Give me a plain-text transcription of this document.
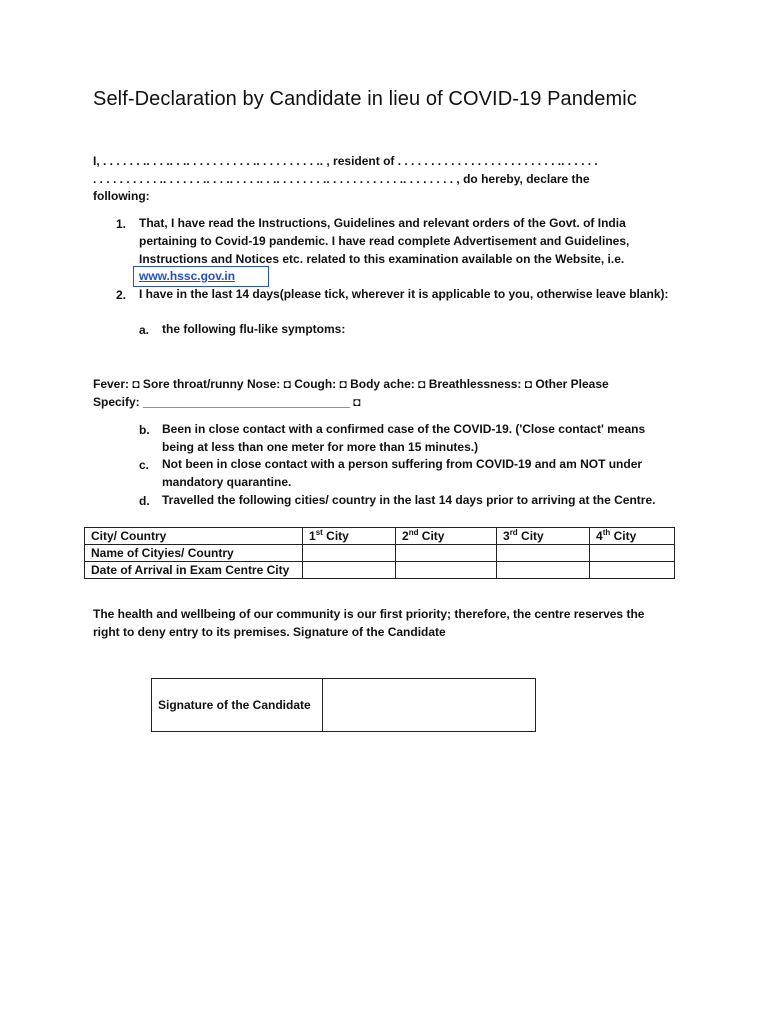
Self-Declaration by Candidate in lieu of COVID-19 Pandemic
I, . . . . . . .. . . .. . .. . . . . . . . . . .. . . . . . . . . .. , resident of . . . . . . . . . . . . . . . . . . . . . . . . .. . . . . .
. . . . . . . . . . .. . . . . . .. . . .. . . . .. . .. . . . . . . .. . . . . . . . . . . .. . . . . . . . , do hereby, declare the
following:
1. That, I have read the Instructions, Guidelines and relevant orders of the Govt. of India
pertaining to Covid-19 pandemic. I have read complete Advertisement and Guidelines,
Instructions and Notices etc. related to this examination available on the Website, i.e.
www.hssc.gov.in
2. I have in the last 14 days(please tick, wherever it is applicable to you, otherwise leave blank):
a. the following flu-like symptoms:
Fever: ◘ Sore throat/runny Nose: ◘ Cough: ◘ Body ache: ◘ Breathlessness: ◘ Other Please
Specify: _______________________________ ◘
b. Been in close contact with a confirmed case of the COVID-19. ('Close contact' means
being at less than one meter for more than 15 minutes.)
c. Not been in close contact with a person suffering from COVID-19 and am NOT under
mandatory quarantine.
d. Travelled the following cities/ country in the last 14 days prior to arriving at the Centre.
City/ Country	1st City	2nd City	3rd City	4th City
Name of Cityies/ Country				
Date of Arrival in Exam Centre City				
The health and wellbeing of our community is our first priority; therefore, the centre reserves the
right to deny entry to its premises. Signature of the Candidate
Signature of the Candidate	
